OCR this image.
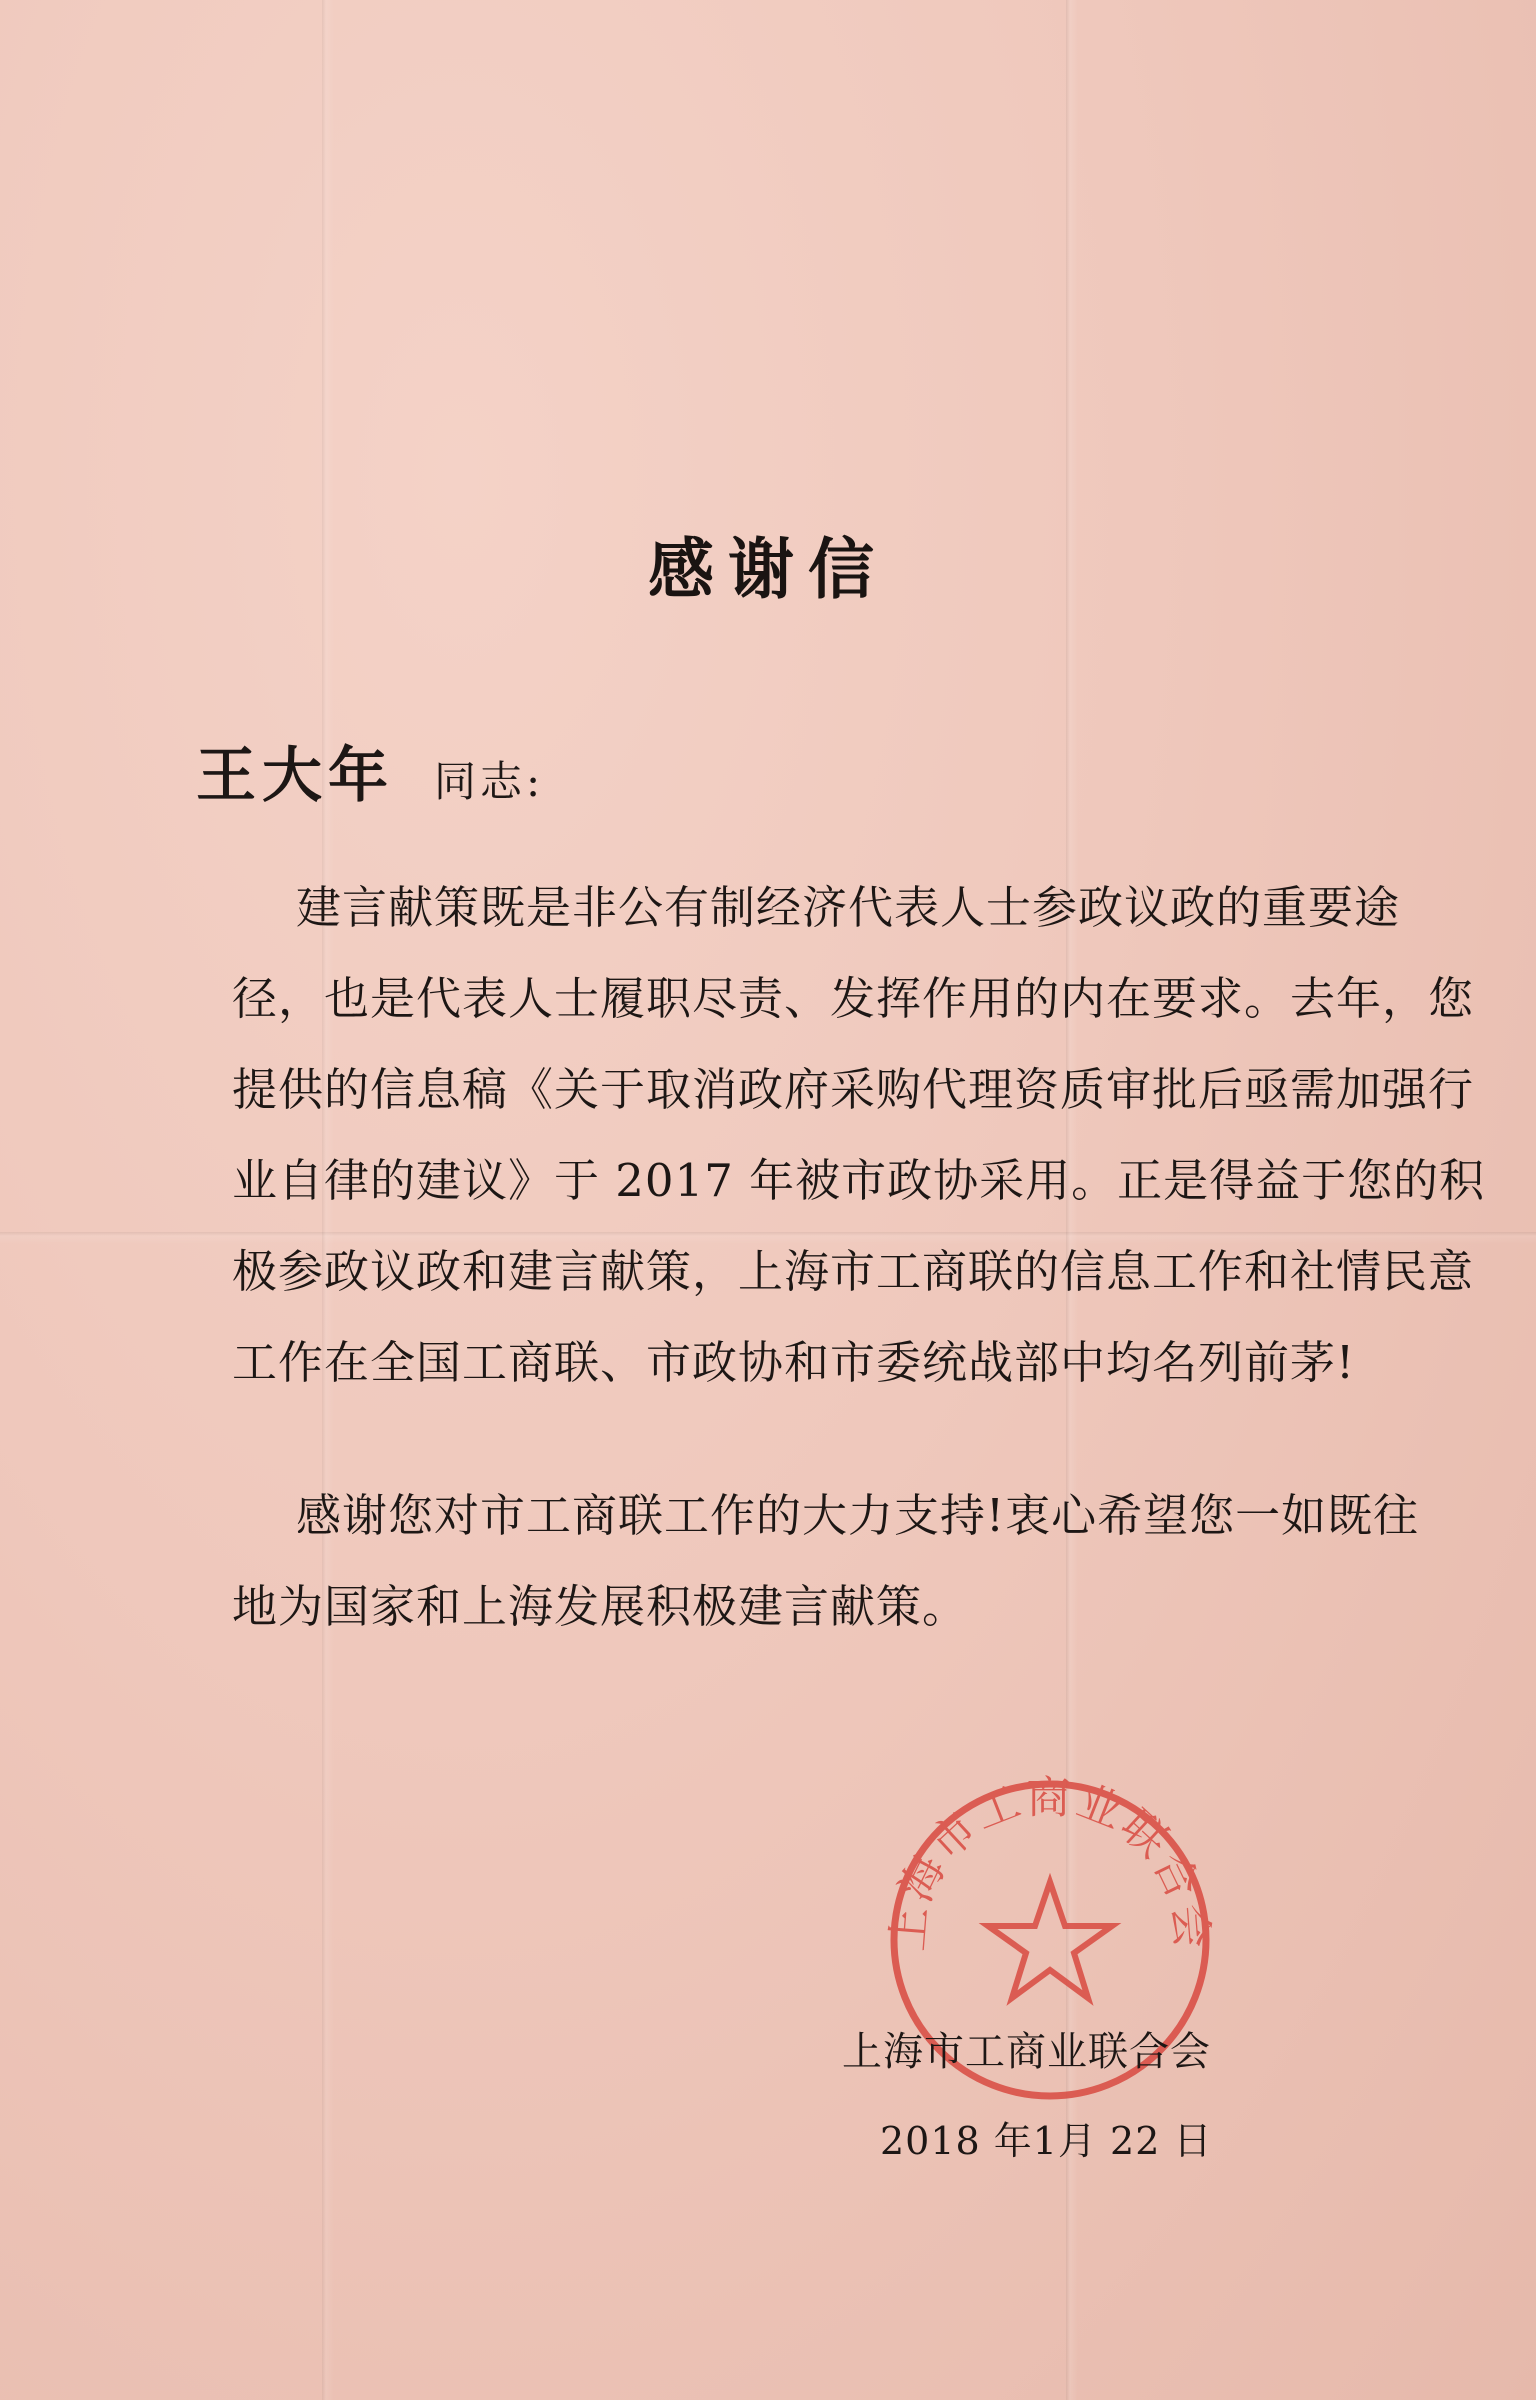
感谢信
王大年 同志:
建言献策既是非公有制经济代表人士参政议政的重要途
径，也是代表人士履职尽责、发挥作用的内在要求。去年，您
提供的信息稿《关于取消政府采购代理资质审批后亟需加强行
业自律的建议》于 2017 年被市政协采用。正是得益于您的积
极参政议政和建言献策，上海市工商联的信息工作和社情民意
工作在全国工商联、市政协和市委统战部中均名列前茅!
感谢您对市工商联工作的大力支持!衷心希望您一如既往
地为国家和上海发展积极建言献策。
上海市工商业联合会
上海市工商业联合会
2018 年1月 22 日
